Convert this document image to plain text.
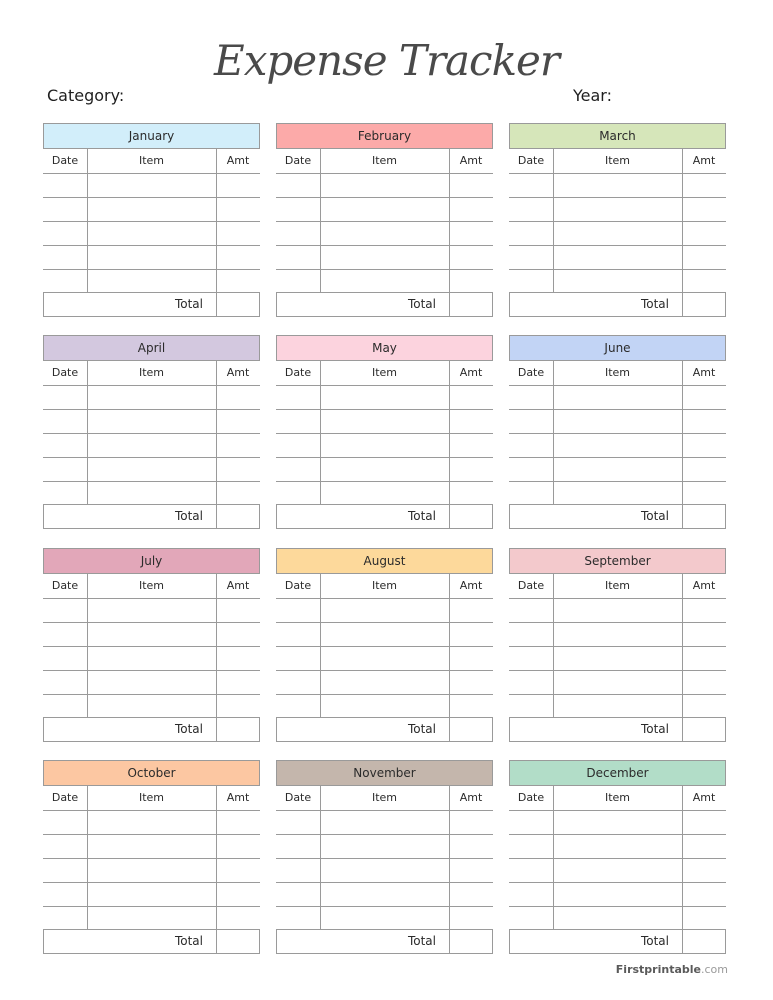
Expense Tracker
Category:	Year:
January
Date	Item	Amt
Total
February
Date	Item	Amt
Total
March
Date	Item	Amt
Total
April
Date	Item	Amt
Total
May
Date	Item	Amt
Total
June
Date	Item	Amt
Total
July
Date	Item	Amt
Total
August
Date	Item	Amt
Total
September
Date	Item	Amt
Total
October
Date	Item	Amt
Total
November
Date	Item	Amt
Total
December
Date	Item	Amt
Total
Firstprintable.com
